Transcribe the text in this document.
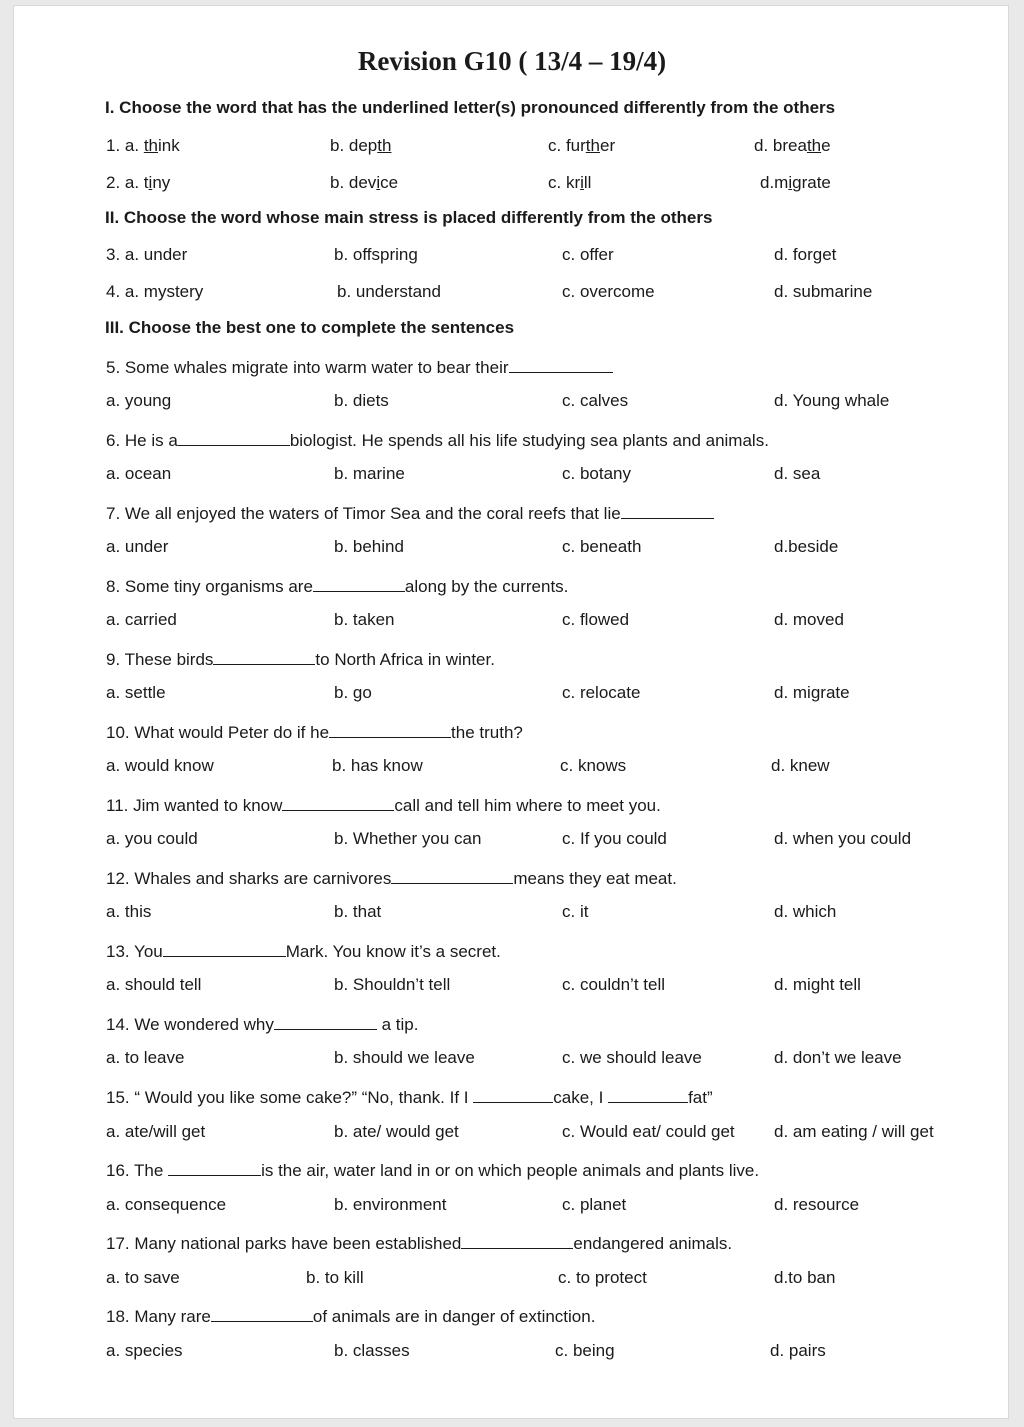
Revision G10 ( 13/4 – 19/4)
I. Choose the word that has the underlined letter(s) pronounced differently from the others
1. a. think	b. depth	c. further	d. breathe
2. a. tiny	b. device	c. krill	d.migrate
II. Choose the word whose main stress is placed differently from the others
3. a. under	b. offspring	c. offer	d. forget
4. a. mystery	b. understand	c. overcome	d. submarine
III. Choose the best one to complete the sentences
5. Some whales migrate into warm water to bear their
a. young	b. diets	c. calves	d. Young whale
6. He is a	biologist. He spends all his life studying sea plants and animals.
a. ocean	b. marine	c. botany	d. sea
7. We all enjoyed the waters of Timor Sea and the coral reefs that lie
a. under	b. behind	c. beneath	d.beside
8. Some tiny organisms are	along by the currents.
a. carried	b. taken	c. flowed	d. moved
9. These birds	to North Africa in winter.
a. settle	b. go	c. relocate	d. migrate
10. What would Peter do if he	the truth?
a. would know	b. has know	c. knows	d. knew
11. Jim wanted to know	call and tell him where to meet you.
a. you could	b. Whether you can	c. If you could	d. when you could
12. Whales and sharks are carnivores	means they eat meat.
a. this	b. that	c. it	d. which
13. You	Mark. You know it’s a secret.
a. should tell	b. Shouldn’t tell	c. couldn’t tell	d. might tell
14. We wondered why	a tip.
a. to leave	b. should we leave	c. we should leave	d. don’t we leave
15. “ Would you like some cake?” “No, thank. If I	cake, I	fat”
a. ate/will get	b. ate/ would get	c. Would eat/ could get d. am eating / will get
16. The	is the air, water land in or on which people animals and plants live.
a. consequence	b. environment	c. planet	d. resource
17. Many national parks have been established	endangered animals.
a. to save	b. to kill	c. to protect	d.to ban
18. Many rare	of animals are in danger of extinction.
a. species	b. classes	c. being	d. pairs
